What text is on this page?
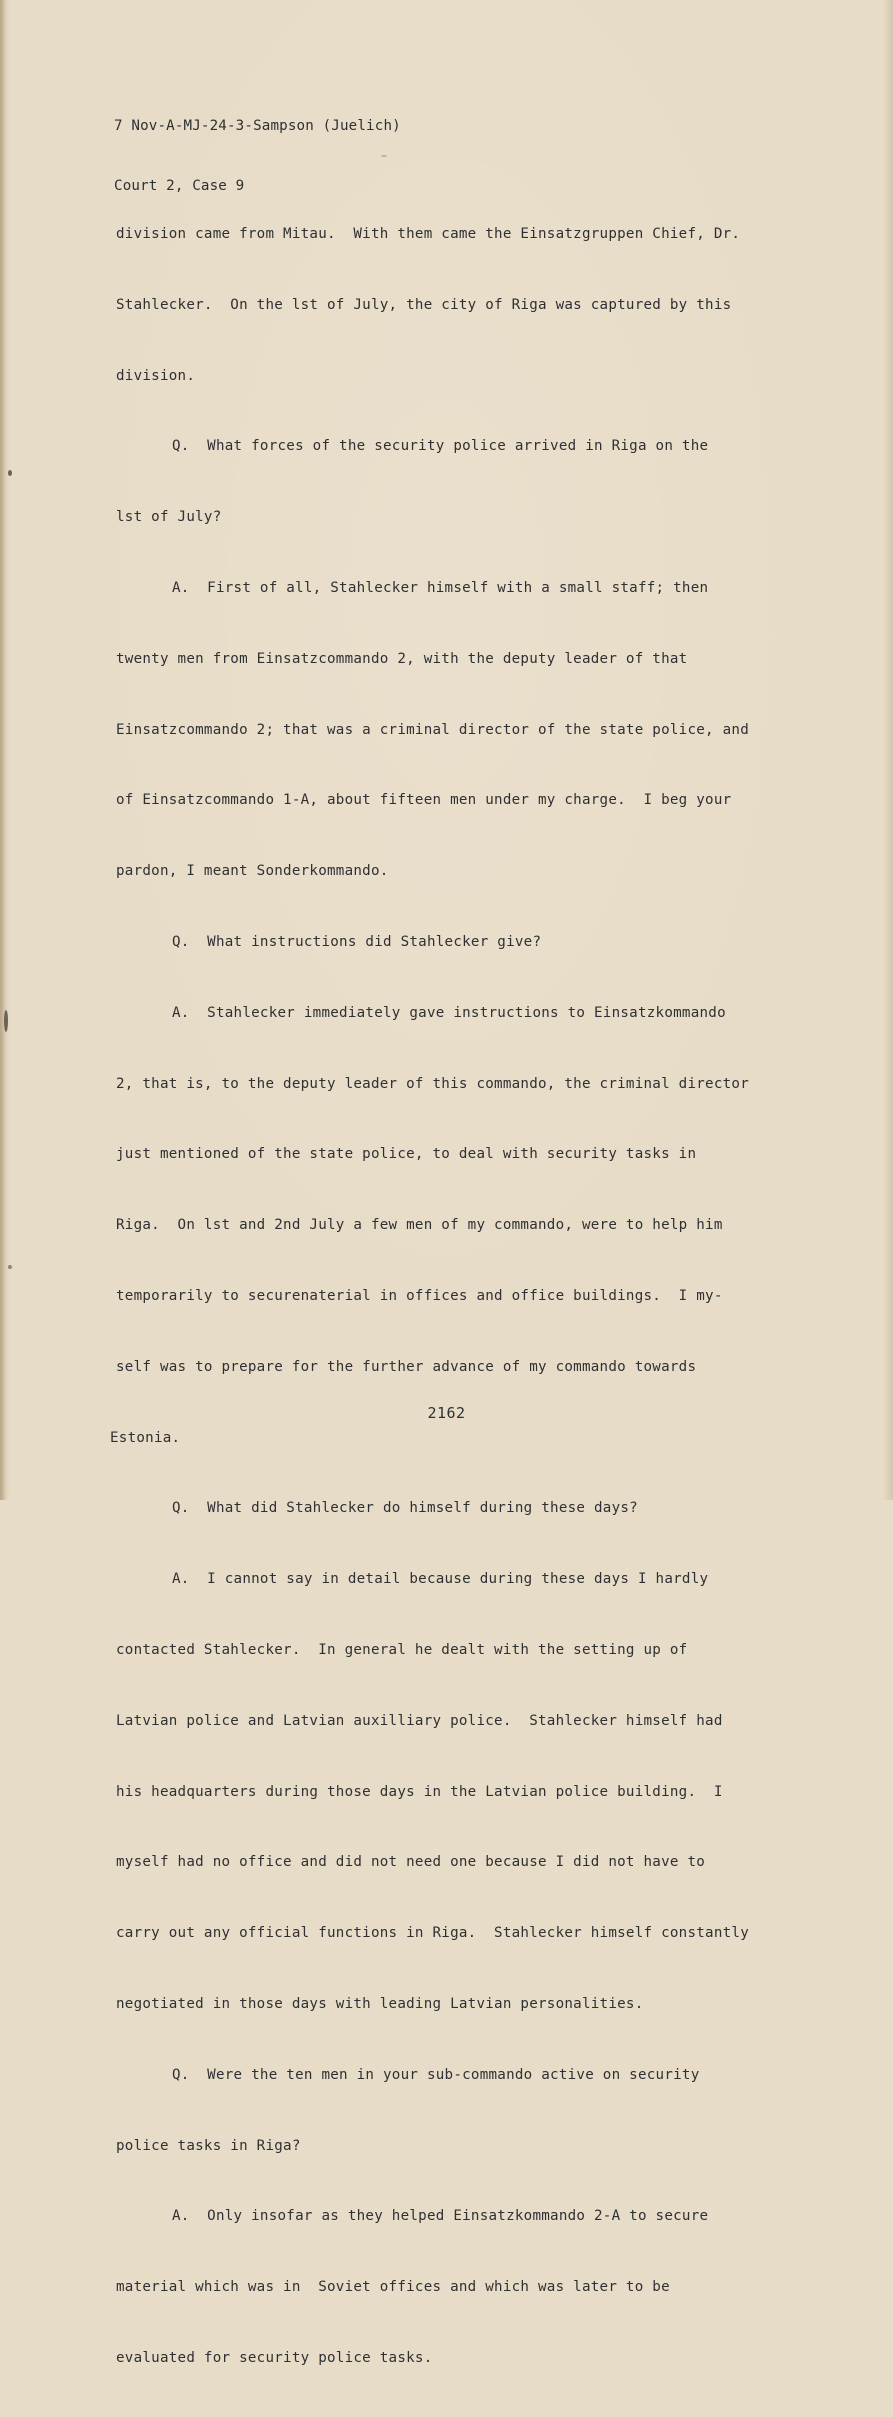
7 Nov-A-MJ-24-3-Sampson (Juelich)

Court 2, Case 9

division came from Mitau.  With them came the Einsatzgruppen Chief, Dr.

Stahlecker.  On the lst of July, the city of Riga was captured by this

division.

Q.  What forces of the security police arrived in Riga on the

lst of July?

A.  First of all, Stahlecker himself with a small staff; then

twenty men from Einsatzcommando 2, with the deputy leader of that

Einsatzcommando 2; that was a criminal director of the state police, and

of Einsatzcommando 1-A, about fifteen men under my charge.  I beg your

pardon, I meant Sonderkommando.

Q.  What instructions did Stahlecker give?

A.  Stahlecker immediately gave instructions to Einsatzkommando

2, that is, to the deputy leader of this commando, the criminal director

just mentioned of the state police, to deal with security tasks in

Riga.  On lst and 2nd July a few men of my commando, were to help him

temporarily to securenaterial in offices and office buildings.  I my-

self was to prepare for the further advance of my commando towards

Estonia.

Q.  What did Stahlecker do himself during these days?

A.  I cannot say in detail because during these days I hardly

contacted Stahlecker.  In general he dealt with the setting up of

Latvian police and Latvian auxilliary police.  Stahlecker himself had

his headquarters during those days in the Latvian police building.  I

myself had no office and did not need one because I did not have to

carry out any official functions in Riga.  Stahlecker himself constantly

negotiated in those days with leading Latvian personalities.

Q.  Were the ten men in your sub-commando active on security

police tasks in Riga?

A.  Only insofar as they helped Einsatzkommando 2-A to secure

material which was in  Soviet offices and which was later to be

evaluated for security police tasks.

2162
